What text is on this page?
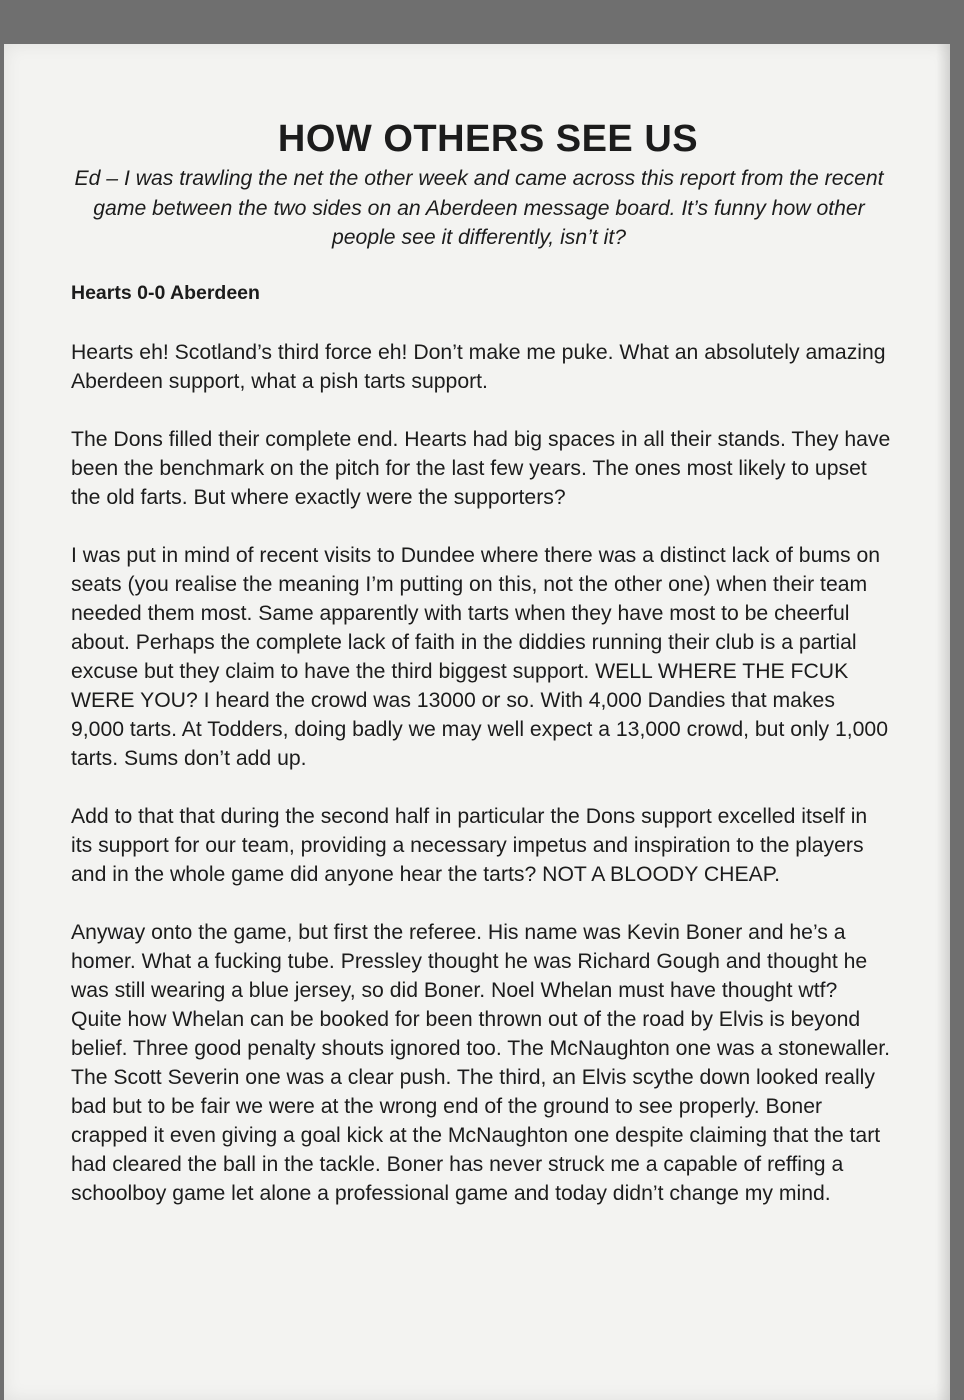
HOW OTHERS SEE US

Ed – I was trawling the net the other week and came across this report from the recent game between the two sides on an Aberdeen message board. It’s funny how other people see it differently, isn’t it?

Hearts 0-0 Aberdeen

Hearts eh! Scotland’s third force eh! Don’t make me puke. What an absolutely amazing Aberdeen support, what a pish tarts support.

The Dons filled their complete end. Hearts had big spaces in all their stands. They have been the benchmark on the pitch for the last few years. The ones most likely to upset the old farts. But where exactly were the supporters?

I was put in mind of recent visits to Dundee where there was a distinct lack of bums on seats (you realise the meaning I’m putting on this, not the other one) when their team needed them most. Same apparently with tarts when they have most to be cheerful about. Perhaps the complete lack of faith in the diddies running their club is a partial excuse but they claim to have the third biggest support. WELL WHERE THE FCUK WERE YOU? I heard the crowd was 13000 or so. With 4,000 Dandies that makes 9,000 tarts. At Todders, doing badly we may well expect a 13,000 crowd, but only 1,000 tarts. Sums don’t add up.

Add to that that during the second half in particular the Dons support excelled itself in its support for our team, providing a necessary impetus and inspiration to the players and in the whole game did anyone hear the tarts? NOT A BLOODY CHEAP.

Anyway onto the game, but first the referee. His name was Kevin Boner and he’s a homer. What a fucking tube. Pressley thought he was Richard Gough and thought he was still wearing a blue jersey, so did Boner. Noel Whelan must have thought wtf? Quite how Whelan can be booked for been thrown out of the road by Elvis is beyond belief. Three good penalty shouts ignored too. The McNaughton one was a stonewaller. The Scott Severin one was a clear push. The third, an Elvis scythe down looked really bad but to be fair we were at the wrong end of the ground to see properly. Boner crapped it even giving a goal kick at the McNaughton one despite claiming that the tart had cleared the ball in the tackle. Boner has never struck me a capable of reffing a schoolboy game let alone a professional game and today didn’t change my mind.
